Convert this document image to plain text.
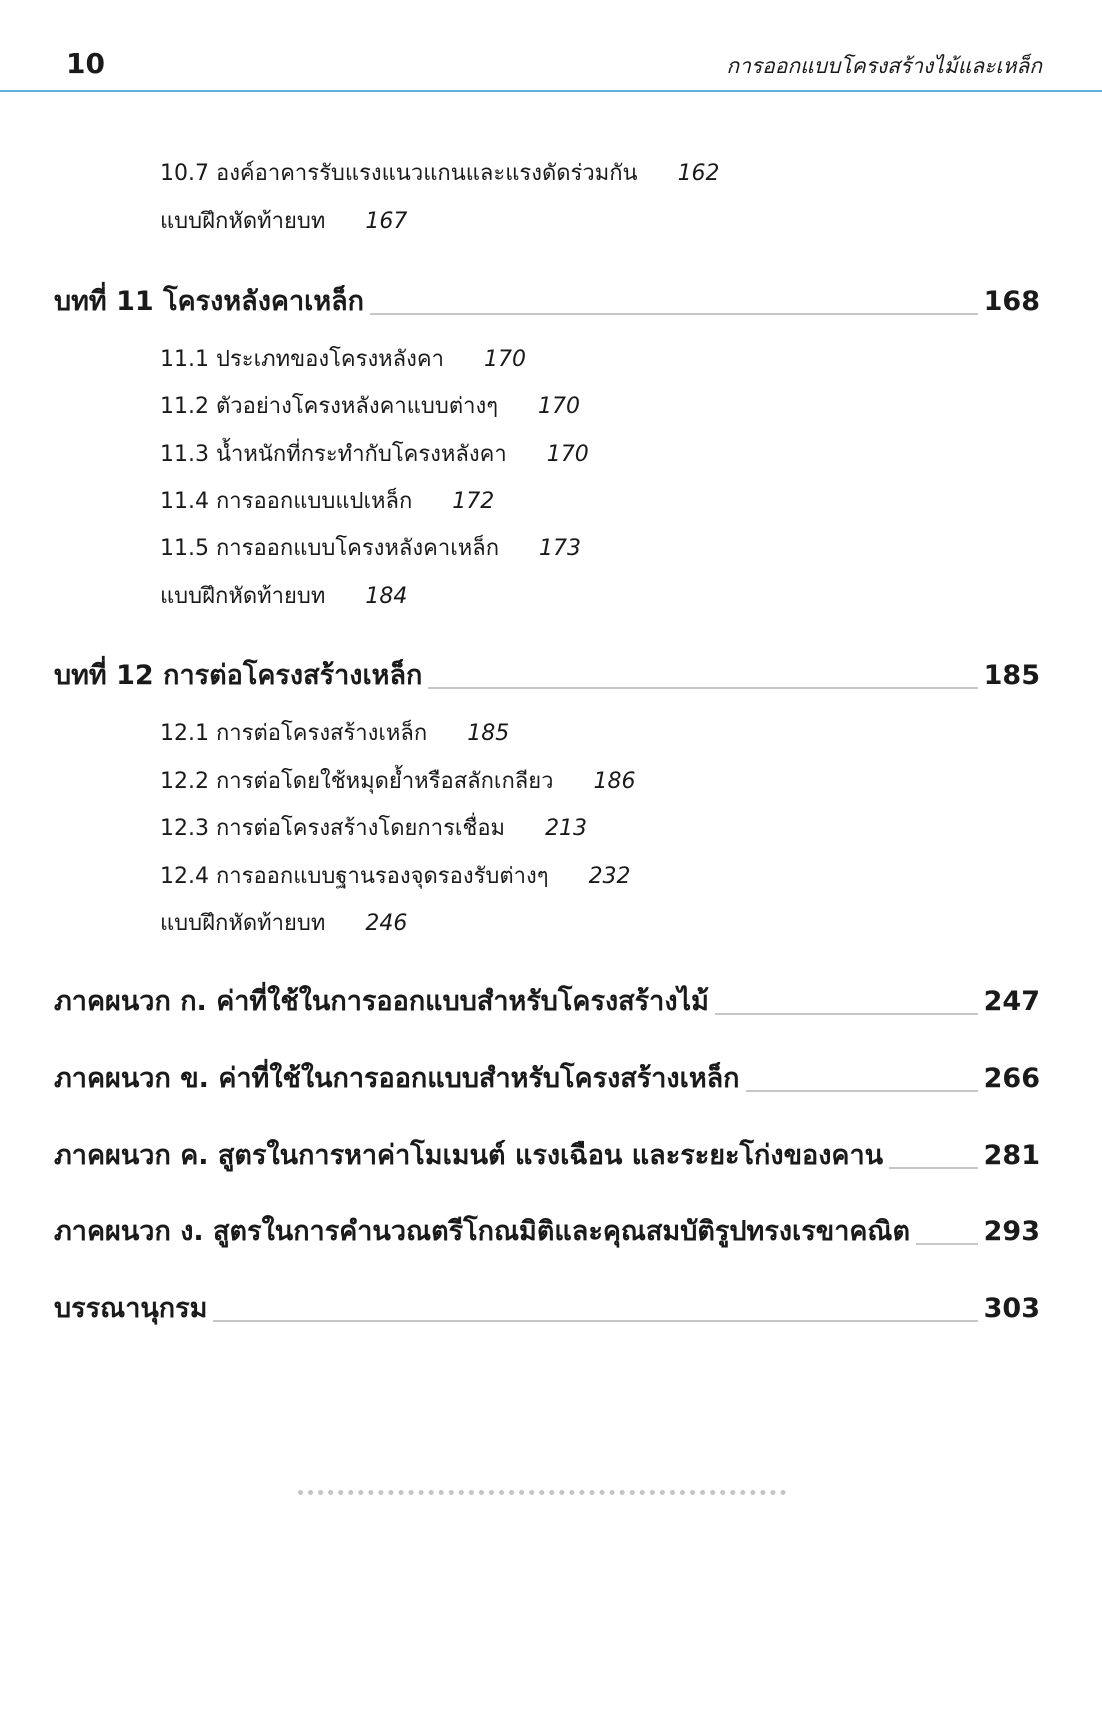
10	การออกแบบโครงสร้างไม้และเหล็ก
10.7 องค์อาคารรับแรงแนวแกนและแรงดัดร่วมกัน 162
แบบฝึกหัดท้ายบท 167
บทที่ 11 โครงหลังคาเหล็ก	168
11.1 ประเภทของโครงหลังคา 170
11.2 ตัวอย่างโครงหลังคาแบบต่างๆ 170
11.3 น้ำหนักที่กระทำกับโครงหลังคา 170
11.4 การออกแบบแปเหล็ก 172
11.5 การออกแบบโครงหลังคาเหล็ก 173
แบบฝึกหัดท้ายบท 184
บทที่ 12 การต่อโครงสร้างเหล็ก	185
12.1 การต่อโครงสร้างเหล็ก 185
12.2 การต่อโดยใช้หมุดย้ำหรือสลักเกลียว 186
12.3 การต่อโครงสร้างโดยการเชื่อม 213
12.4 การออกแบบฐานรองจุดรองรับต่างๆ 232
แบบฝึกหัดท้ายบท 246
ภาคผนวก ก. ค่าที่ใช้ในการออกแบบสำหรับโครงสร้างไม้	247
ภาคผนวก ข. ค่าที่ใช้ในการออกแบบสำหรับโครงสร้างเหล็ก	266
ภาคผนวก ค. สูตรในการหาค่าโมเมนต์ แรงเฉือน และระยะโก่งของคาน	281
ภาคผนวก ง. สูตรในการคำนวณตรีโกณมิติและคุณสมบัติรูปทรงเรขาคณิต	293
บรรณานุกรม	303
